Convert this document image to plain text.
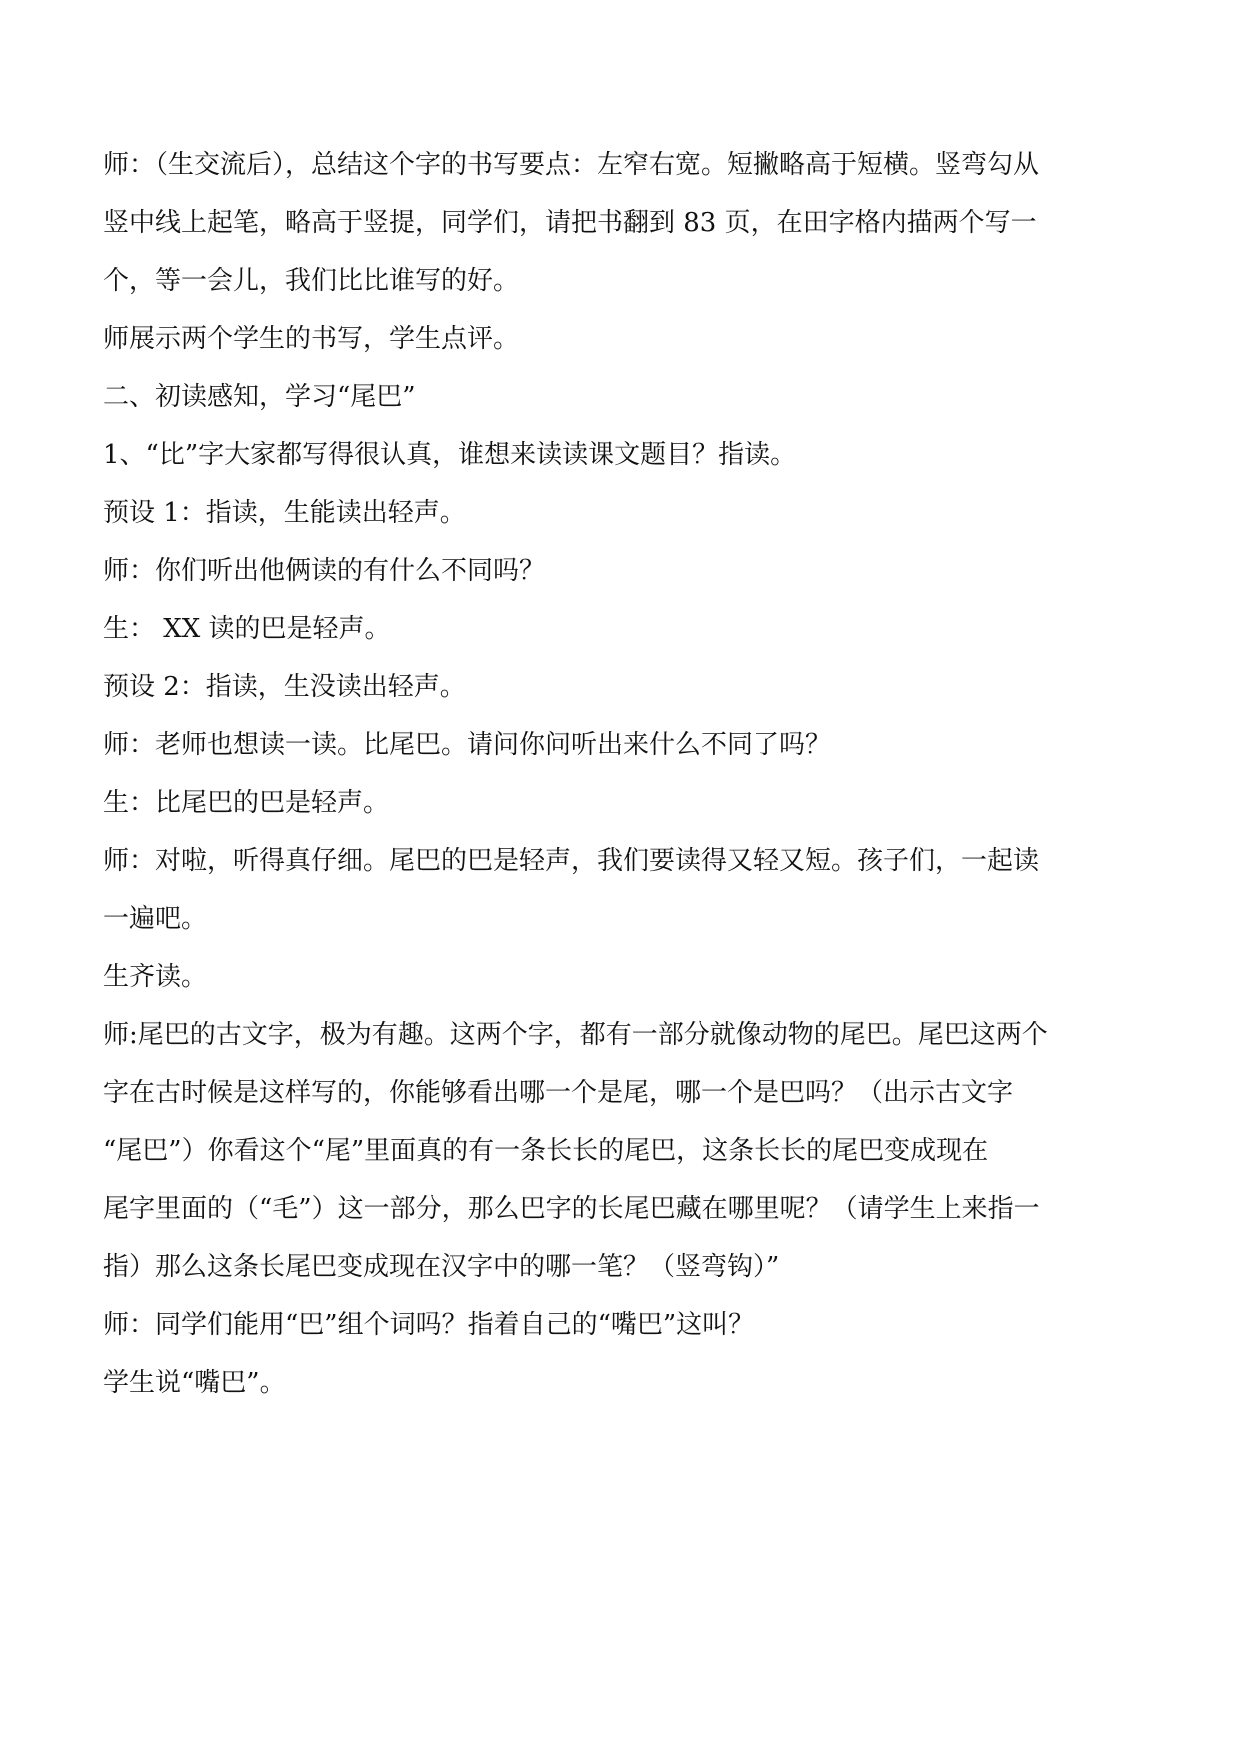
师：（生交流后），总结这个字的书写要点：左窄右宽。短撇略高于短横。竖弯勾从

竖中线上起笔，略高于竖提，同学们，请把书翻到 83 页，在田字格内描两个写一

个，等一会儿，我们比比谁写的好。

师展示两个学生的书写，学生点评。

二、初读感知，学习“尾巴”

1、“比”字大家都写得很认真，谁想来读读课文题目？指读。

预设 1：指读，生能读出轻声。

师：你们听出他俩读的有什么不同吗？

生： XX 读的巴是轻声。

预设 2：指读，生没读出轻声。

师：老师也想读一读。比尾巴。请问你问听出来什么不同了吗？

生：比尾巴的巴是轻声。

师：对啦，听得真仔细。尾巴的巴是轻声，我们要读得又轻又短。孩子们，一起读

一遍吧。

生齐读。

师:尾巴的古文字，极为有趣。这两个字，都有一部分就像动物的尾巴。尾巴这两个

字在古时候是这样写的，你能够看出哪一个是尾，哪一个是巴吗？（出示古文字

“尾巴”）你看这个“尾”里面真的有一条长长的尾巴，这条长长的尾巴变成现在

尾字里面的（“毛”）这一部分，那么巴字的长尾巴藏在哪里呢？（请学生上来指一

指）那么这条长尾巴变成现在汉字中的哪一笔？（竖弯钩）”

师：同学们能用“巴”组个词吗？指着自己的“嘴巴”这叫？

学生说“嘴巴”。
